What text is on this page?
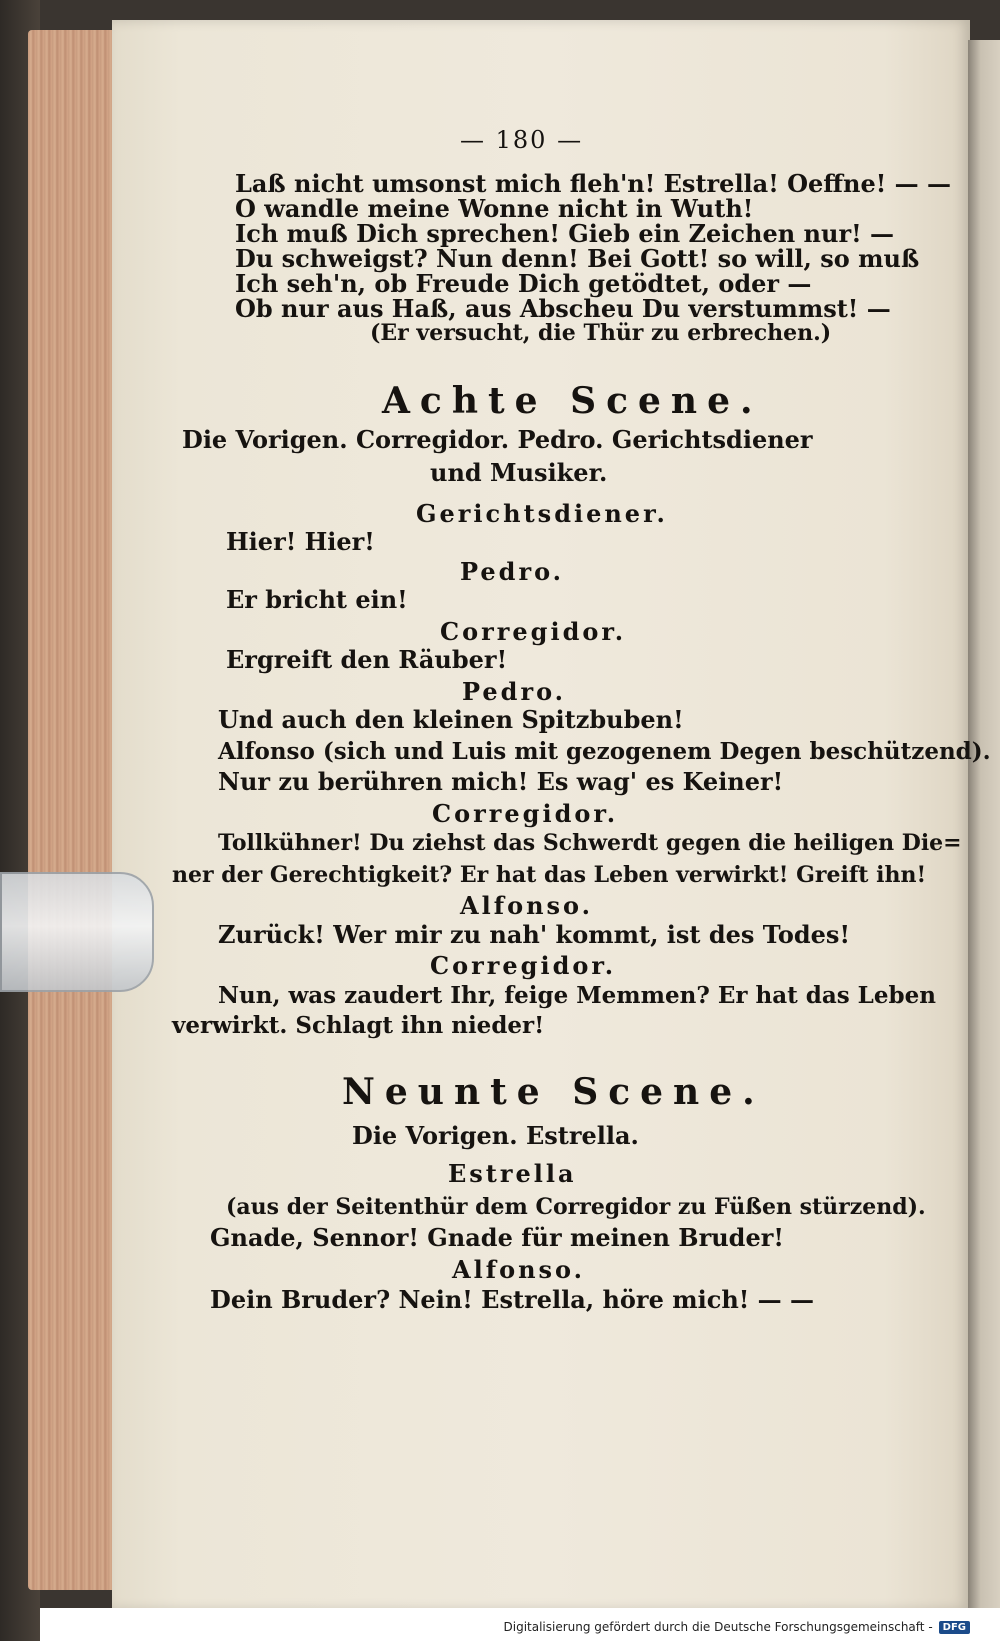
— 180 —
Laß nicht umsonst mich fleh'n! Estrella! Oeffne! — —
O wandle meine Wonne nicht in Wuth!
Ich muß Dich sprechen! Gieb ein Zeichen nur! —
Du schweigst? Nun denn! Bei Gott! so will, so muß
Ich seh'n, ob Freude Dich getödtet, oder —
Ob nur aus Haß, aus Abscheu Du verstummst! —
(Er versucht, die Thür zu erbrechen.)
Achte Scene.
Die Vorigen. Corregidor. Pedro. Gerichtsdiener
und Musiker.
Gerichtsdiener.
Hier! Hier!
Pedro.
Er bricht ein!
Corregidor.
Ergreift den Räuber!
Pedro.
Und auch den kleinen Spitzbuben!
Alfonso (sich und Luis mit gezogenem Degen beschützend).
Nur zu berühren mich! Es wag' es Keiner!
Corregidor.
Tollkühner! Du ziehst das Schwerdt gegen die heiligen Die=
ner der Gerechtigkeit? Er hat das Leben verwirkt! Greift ihn!
Alfonso.
Zurück! Wer mir zu nah' kommt, ist des Todes!
Corregidor.
Nun, was zaudert Ihr, feige Memmen? Er hat das Leben
verwirkt. Schlagt ihn nieder!
Neunte Scene.
Die Vorigen. Estrella.
Estrella
(aus der Seitenthür dem Corregidor zu Füßen stürzend).
Gnade, Sennor! Gnade für meinen Bruder!
Alfonso.
Dein Bruder? Nein! Estrella, höre mich! — —
Digitalisierung gefördert durch die Deutsche Forschungsgemeinschaft -	DFG
